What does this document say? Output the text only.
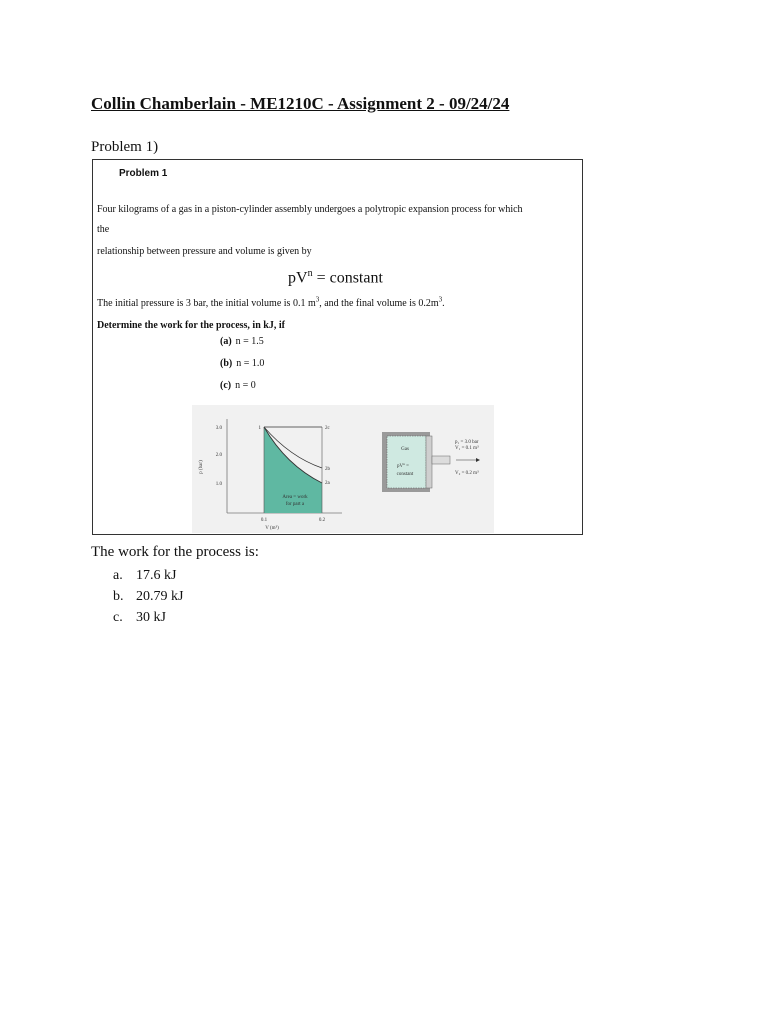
Collin Chamberlain - ME1210C - Assignment 2 - 09/24/24
Problem 1)
Problem 1
Four kilograms of a gas in a piston-cylinder assembly undergoes a polytropic expansion process for which
the
relationship between pressure and volume is given by
$pV^n$ = constant
The initial pressure is 3 bar, the initial volume is 0.1 $m^3$, and the final volume is $0.2m^3$.
Determine the work for the process, in kJ, if
(a) n = 1.5
(b) n = 1.0
(c) n = 0
3.0
2.0
1.0
0.1	0.2
V (m³)
p (bar)
1	2c
2b
2a
Area = work
for part a
Gas
$pV^n$ =
constant
p₁ = 3.0 bar
V₁ = 0.1 m³
V₂ = 0.2 m³
The work for the process is:
a. 17.6 kJ
b. 20.79 kJ
c. 30 kJ
